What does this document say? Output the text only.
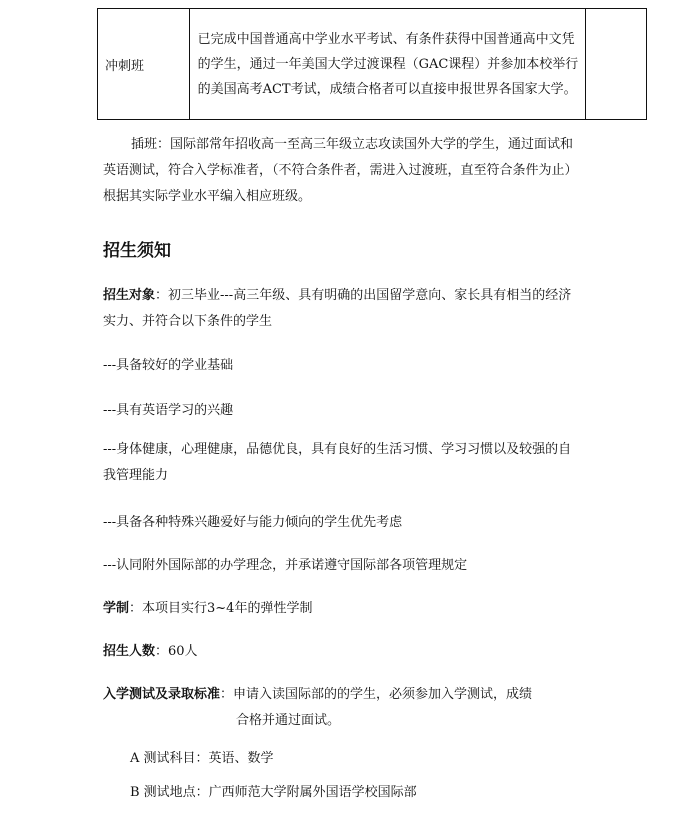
冲刺班	已完成中国普通高中学业水平考试、有条件获得中国普通高中文凭的学生，通过一年美国大学过渡课程（GAC课程）并参加本校举行的美国高考ACT考试，成绩合格者可以直接申报世界各国家大学。	

插班：国际部常年招收高一至高三年级立志攻读国外大学的学生，通过面试和英语测试，符合入学标准者，（不符合条件者，需进入过渡班，直至符合条件为止）根据其实际学业水平编入相应班级。

招生须知

招生对象：初三毕业---高三年级、具有明确的出国留学意向、家长具有相当的经济实力、并符合以下条件的学生

---具备较好的学业基础

---具有英语学习的兴趣

---身体健康，心理健康，品德优良，具有良好的生活习惯、学习习惯以及较强的自我管理能力

---具备各种特殊兴趣爱好与能力倾向的学生优先考虑

---认同附外国际部的办学理念，并承诺遵守国际部各项管理规定

学制：本项目实行3~4年的弹性学制

招生人数：60人

入学测试及录取标准：申请入读国际部的的学生，必须参加入学测试，成绩

合格并通过面试。

A 测试科目：英语、数学

B 测试地点：广西师范大学附属外国语学校国际部
